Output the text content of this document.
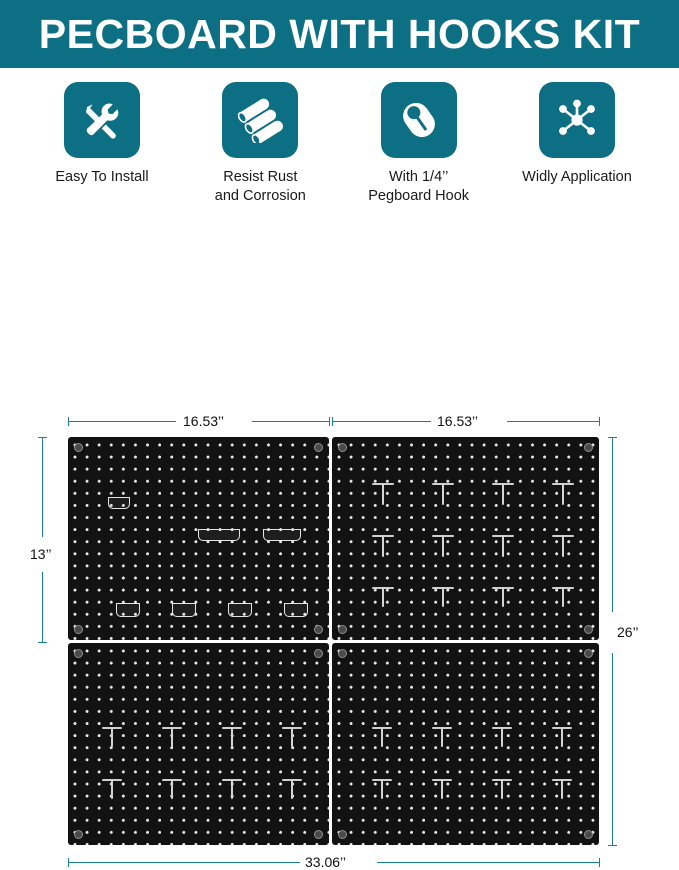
PECBOARD WITH HOOKS KIT
Easy To Install	Resist Rust
and Corrosion
With 1/4’’
Pegboard Hook
Widly Application
16.53’’	16.53’’
13’’
26’’
33.06’’
